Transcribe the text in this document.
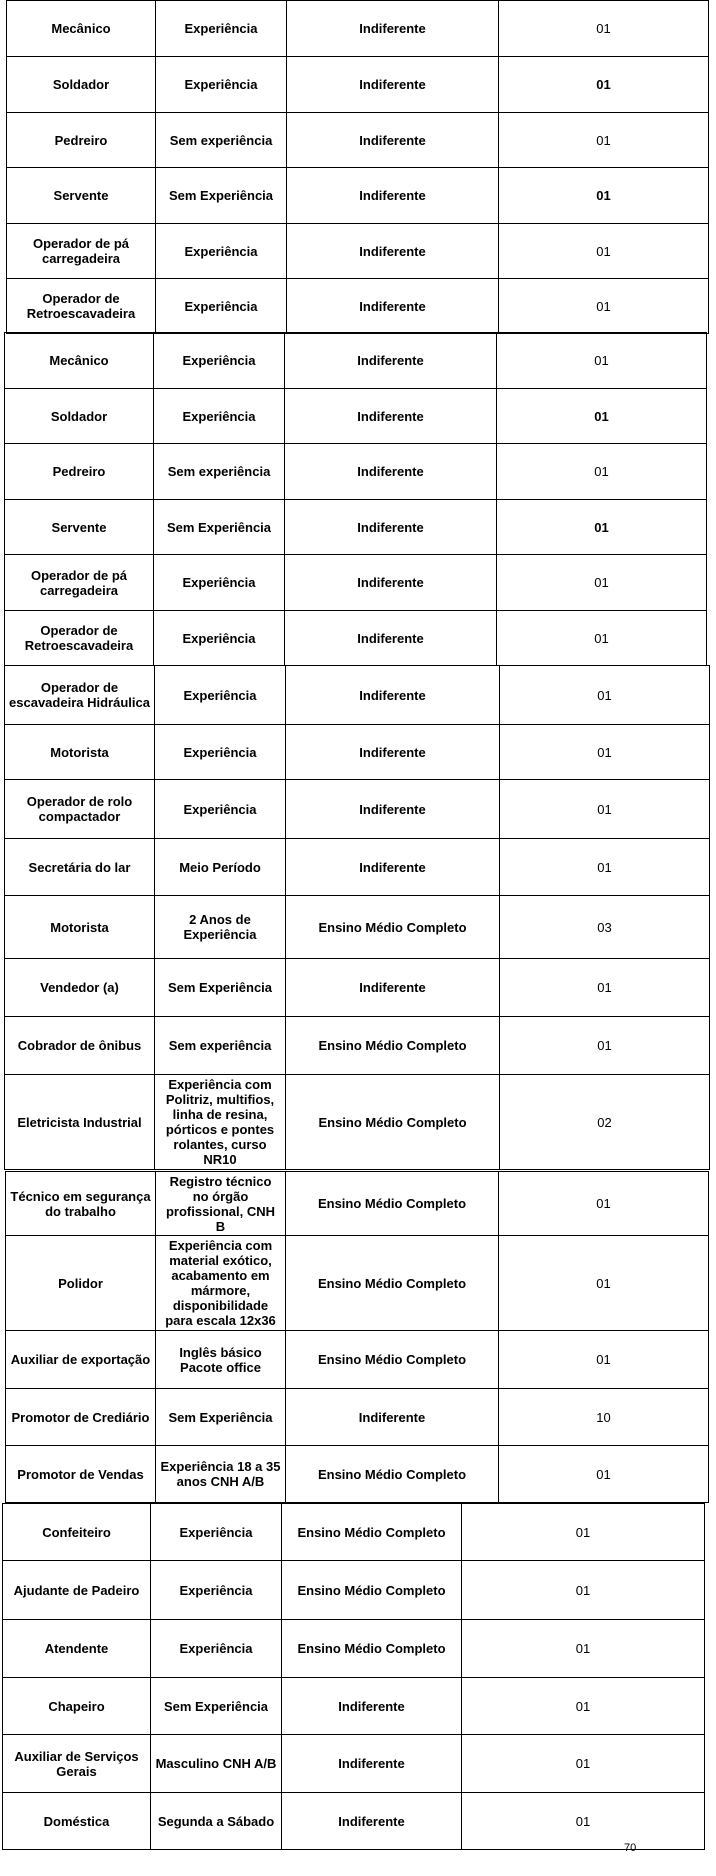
Mecânico	Experiência	Indiferente	01
Soldador	Experiência	Indiferente	01
Pedreiro	Sem experiência	Indiferente	01
Servente	Sem Experiência	Indiferente	01
Operador de pá carregadeira	Experiência	Indiferente	01
Operador de Retroescavadeira	Experiência	Indiferente	01
Mecânico	Experiência	Indiferente	01
Soldador	Experiência	Indiferente	01
Pedreiro	Sem experiência	Indiferente	01
Servente	Sem Experiência	Indiferente	01
Operador de pá carregadeira	Experiência	Indiferente	01
Operador de Retroescavadeira	Experiência	Indiferente	01
Operador de escavadeira Hidráulica	Experiência	Indiferente	01
Motorista	Experiência	Indiferente	01
Operador de rolo compactador	Experiência	Indiferente	01
Secretária do lar	Meio Período	Indiferente	01
Motorista	2 Anos de Experiência	Ensino Médio Completo	03
Vendedor (a)	Sem Experiência	Indiferente	01
Cobrador de ônibus	Sem experiência	Ensino Médio Completo	01
Eletricista Industrial	Experiência com Politriz, multifios, linha de resina, pórticos e pontes rolantes, curso NR10	Ensino Médio Completo	02
Técnico em segurança do trabalho	Registro técnico no órgão profissional, CNH B	Ensino Médio Completo	01
Polidor	Experiência com material exótico, acabamento em mármore, disponibilidade para escala 12x36	Ensino Médio Completo	01
Auxiliar de exportação	Inglês básico Pacote office	Ensino Médio Completo	01
Promotor de Crediário	Sem Experiência	Indiferente	10
Promotor de Vendas	Experiência 18 a 35 anos CNH A/B	Ensino Médio Completo	01
Confeiteiro	Experiência	Ensino Médio Completo	01
Ajudante de Padeiro	Experiência	Ensino Médio Completo	01
Atendente	Experiência	Ensino Médio Completo	01
Chapeiro	Sem Experiência	Indiferente	01
Auxiliar de Serviços Gerais	Masculino CNH A/B	Indiferente	01
Doméstica	Segunda a Sábado	Indiferente	01
70
